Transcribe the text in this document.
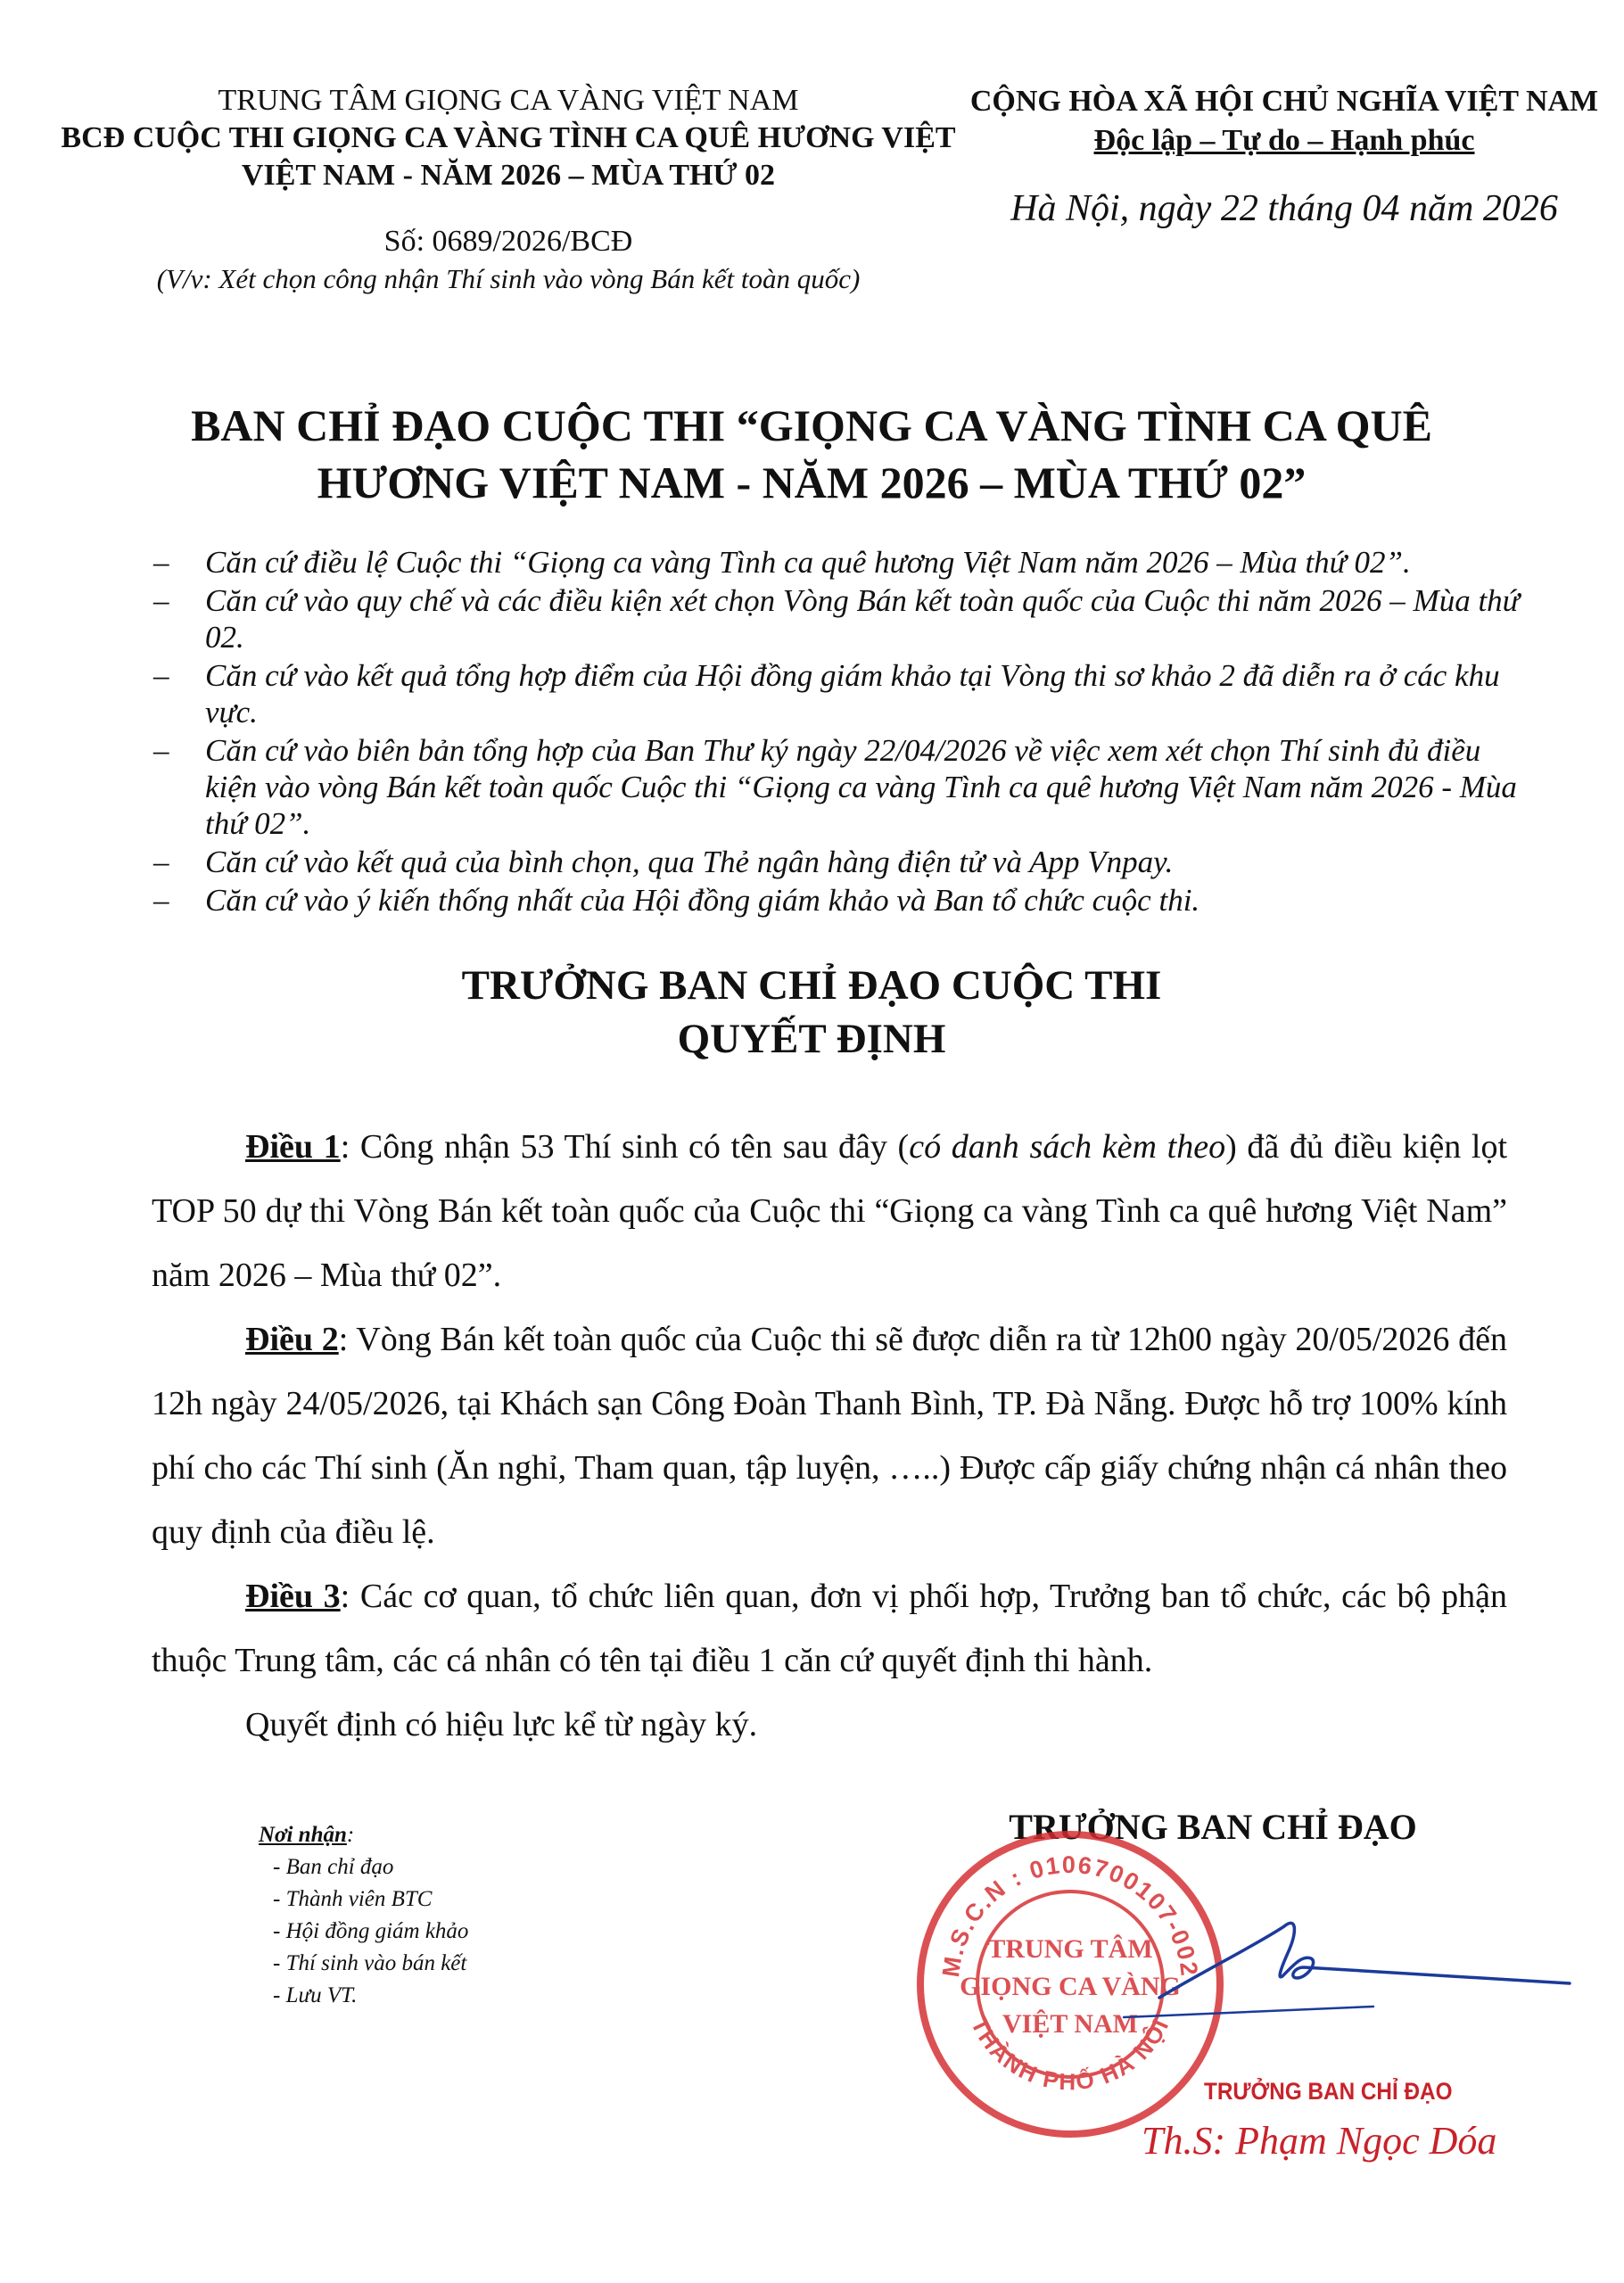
TRUNG TÂM GIỌNG CA VÀNG VIỆT NAM
BCĐ CUỘC THI GIỌNG CA VÀNG TÌNH CA QUÊ HƯƠNG VIỆT
VIỆT NAM - NĂM 2026 – MÙA THỨ 02
Số: 0689/2026/BCĐ
(V/v: Xét chọn công nhận Thí sinh vào vòng Bán kết toàn quốc)
CỘNG HÒA XÃ HỘI CHỦ NGHĨA VIỆT NAM
Độc lập – Tự do – Hạnh phúc
Hà Nội, ngày 22 tháng 04 năm 2026
BAN CHỈ ĐẠO CUỘC THI “GIỌNG CA VÀNG TÌNH CA QUÊ
HƯƠNG VIỆT NAM - NĂM 2026 – MÙA THỨ 02”
– Căn cứ điều lệ Cuộc thi “Giọng ca vàng Tình ca quê hương Việt Nam năm 2026 – Mùa thứ 02”.
– Căn cứ vào quy chế và các điều kiện xét chọn Vòng Bán kết toàn quốc của Cuộc thi năm 2026 – Mùa thứ 02.
– Căn cứ vào kết quả tổng hợp điểm của Hội đồng giám khảo tại Vòng thi sơ khảo 2 đã diễn ra ở các khu vực.
– Căn cứ vào biên bản tổng hợp của Ban Thư ký ngày 22/04/2026 về việc xem xét chọn Thí sinh đủ điều kiện vào vòng Bán kết toàn quốc Cuộc thi “Giọng ca vàng Tình ca quê hương Việt Nam năm 2026 - Mùa thứ 02”.
– Căn cứ vào kết quả của bình chọn, qua Thẻ ngân hàng điện tử và App Vnpay.
– Căn cứ vào ý kiến thống nhất của Hội đồng giám khảo và Ban tổ chức cuộc thi.
TRƯỞNG BAN CHỈ ĐẠO CUỘC THI
QUYẾT ĐỊNH

Điều 1: Công nhận 53 Thí sinh có tên sau đây (có danh sách kèm theo) đã đủ điều kiện lọt TOP 50 dự thi Vòng Bán kết toàn quốc của Cuộc thi “Giọng ca vàng Tình ca quê hương Việt Nam” năm 2026 – Mùa thứ 02”.

Điều 2: Vòng Bán kết toàn quốc của Cuộc thi sẽ được diễn ra từ 12h00 ngày 20/05/2026 đến 12h ngày 24/05/2026, tại Khách sạn Công Đoàn Thanh Bình, TP. Đà Nẵng. Được hỗ trợ 100% kính phí cho các Thí sinh (Ăn nghỉ, Tham quan, tập luyện, …..) Được cấp giấy chứng nhận cá nhân theo quy định của điều lệ.

Điều 3: Các cơ quan, tổ chức liên quan, đơn vị phối hợp, Trưởng ban tổ chức, các bộ phận thuộc Trung tâm, các cá nhân có tên tại điều 1 căn cứ quyết định thi hành.

Quyết định có hiệu lực kể từ ngày ký.

Nơi nhận:
- Ban chỉ đạo
- Thành viên BTC
- Hội đồng giám khảo
- Thí sinh vào bán kết
- Lưu VT.
TRƯỞNG BAN CHỈ ĐẠO
M.S.C.N : 0106700107-002
THÀNH PHỐ HÀ NỘI
TRUNG TÂM
GIỌNG CA VÀNG
VIỆT NAM
TRƯỞNG BAN CHỈ ĐẠO
Th.S: Phạm Ngọc Dóa
